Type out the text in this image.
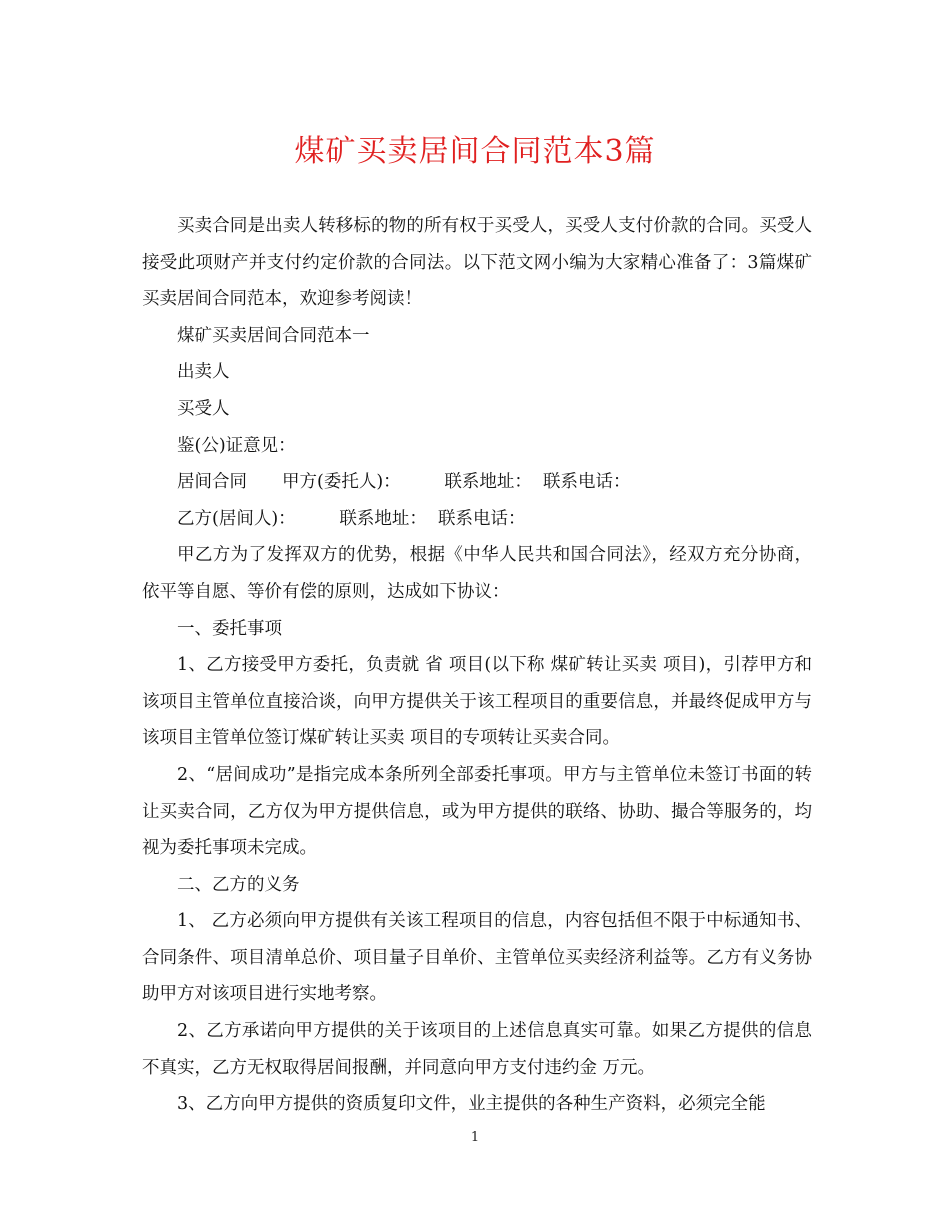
煤矿买卖居间合同范本3篇

买卖合同是出卖人转移标的物的所有权于买受人，买受人支付价款的合同。买受人接受此项财产并支付约定价款的合同法。以下范文网小编为大家精心准备了：3篇煤矿买卖居间合同范本，欢迎参考阅读！

煤矿买卖居间合同范本一

出卖人

买受人

鉴(公)证意见：

居间合同　　甲方(委托人)：　　　联系地址：  联系电话：

乙方(居间人)：　　　联系地址：  联系电话：

甲乙方为了发挥双方的优势，根据《中华人民共和国合同法》，经双方充分协商，依平等自愿、等价有偿的原则，达成如下协议：

一、委托事项

1、乙方接受甲方委托，负责就 省 项目(以下称 煤矿转让买卖 项目)，引荐甲方和该项目主管单位直接洽谈，向甲方提供关于该工程项目的重要信息，并最终促成甲方与该项目主管单位签订煤矿转让买卖 项目的专项转让买卖合同。

2、“居间成功”是指完成本条所列全部委托事项。甲方与主管单位未签订书面的转让买卖合同，乙方仅为甲方提供信息，或为甲方提供的联络、协助、撮合等服务的，均视为委托事项未完成。

二、乙方的义务

1、 乙方必须向甲方提供有关该工程项目的信息，内容包括但不限于中标通知书、合同条件、项目清单总价、项目量子目单价、主管单位买卖经济利益等。乙方有义务协助甲方对该项目进行实地考察。

2、乙方承诺向甲方提供的关于该项目的上述信息真实可靠。如果乙方提供的信息不真实，乙方无权取得居间报酬，并同意向甲方支付违约金 万元。

3、乙方向甲方提供的资质复印文件，业主提供的各种生产资料，必须完全能

1
